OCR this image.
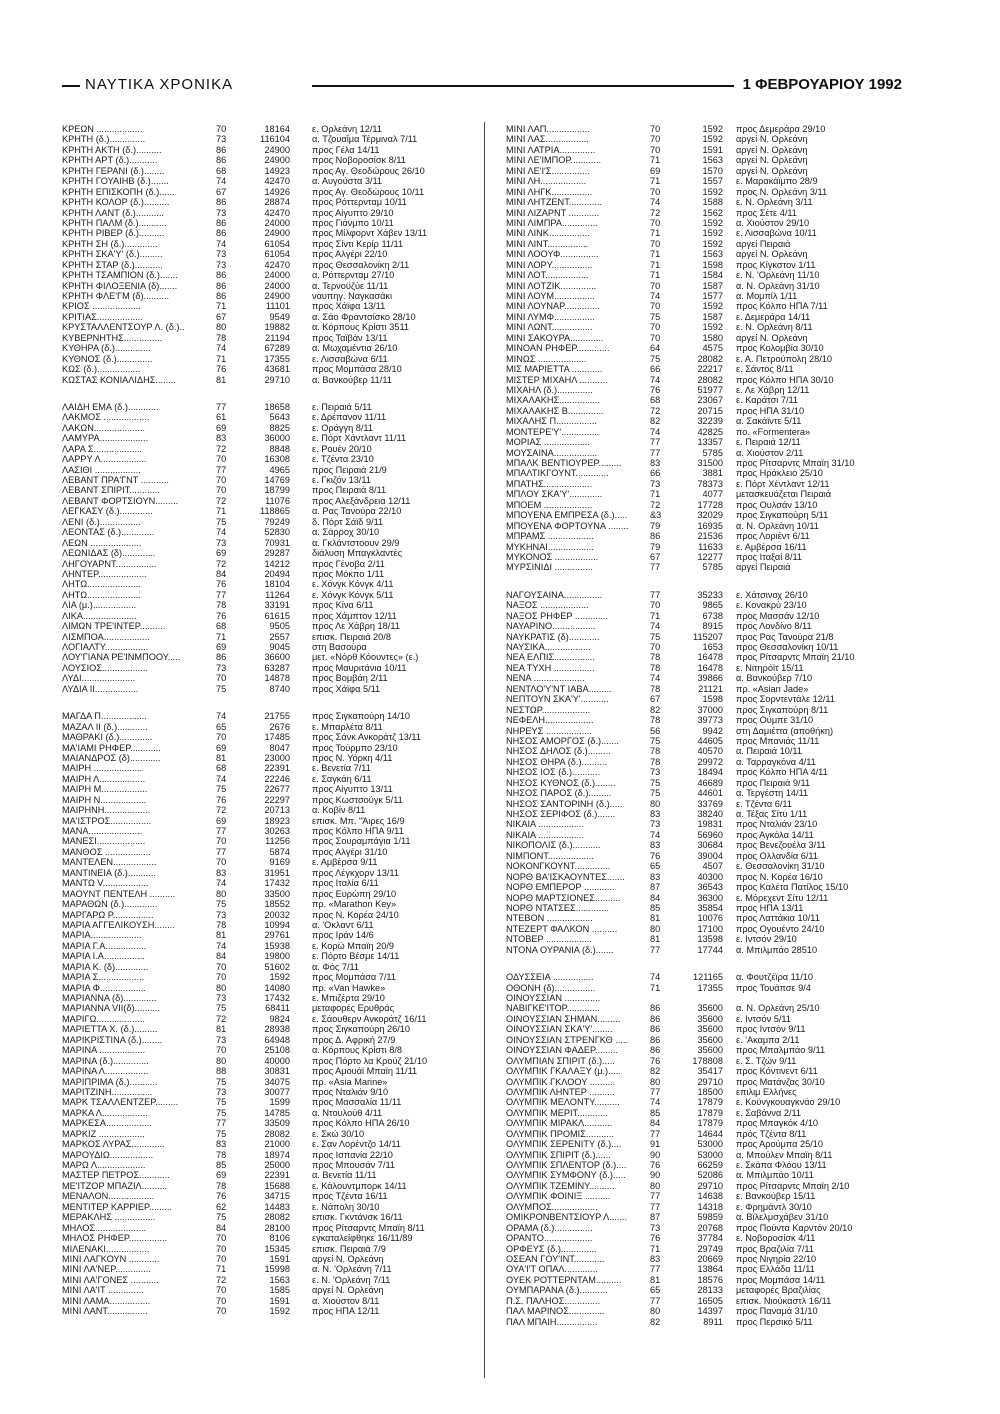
ΝΑΥΤΙΚΑ ΧΡΟΝΙΚΑ	1 ΦΕΒΡΟΥΑΡΙΟΥ 1992
ΚΡΕΩΝ ..................	70	18164 ε. Ορλεάνη 12/11
ΚΡΗΤΗ (δ.)..............	73	116104 α. Τζουαΐμα Τέρμιναλ 7/11
ΚΡΗΤΗ ΑΚΤΗ (δ.)..........	86	24900 προς Γέλα 14/11
ΚΡΗΤΗ ΑΡΤ (δ.)...........	86	24900 προς Νοβοροσίσκ 8/11
ΚΡΗΤΗ ΓΕΡΑΝΙ (δ.)........	68	14923 προς Αγ. Θεοδώρους 26/10
ΚΡΗΤΗ ΓΟΥΑΙΗΒ (δ.).......	74	42470 α. Αυγούστα 3/11
ΚΡΗΤΗ ΕΠΙΣΚΟΠΗ (δ.)......	67	14926 προς Αγ. Θεοδώρους 10/11
ΚΡΗΤΗ ΚΟΛΟΡ (δ.)..........	86	28874 προς Ρόττερνταμ 10/11
ΚΡΗΤΗ ΛΑΝΤ (δ.)...........	73	42470 προς Αίγυπτο 29/10
ΚΡΗΤΗ ΠΑΛΜ (δ.)...........	86	24000 προς Γιάνμπο 10/11
ΚΡΗΤΗ ΡΙΒΕΡ (δ.)..........	86	24900 προς Μίλφορντ Χάβεν 13/11
ΚΡΗΤΗ ΣΗ (δ.).............	74	61054 προς Σίντι Κερίρ 11/11
ΚΡΗΤΗ ΣΚΑ'Υ' (δ.).........	73	61054 προς Αλγέρι 22/10
ΚΡΗΤΗ ΣΤΑΡ (δ.)...........	73	42470 προς Θεσσαλονίκη 2/11
ΚΡΗΤΗ ΤΣΑΜΠΙΟΝ (δ.).......	86	24000 α. Ρόττερνταμ 27/10
ΚΡΗΤΗ ΦΙΛΟΞΕΝΙΑ (δ).......	86	24000 α. Τερνοϋζύε 11/11
ΚΡΗΤΗ ΦΛΕ'ΓΜ (δ)..........	86	24900 ναυπηγ. Ναγκασάκι
ΚΡΙΟΣ ...................	71	11101 προς Χάϊφα 13/11
ΚΡΙΤΙΑΣ..................	67	9549 α. Σάο Φραντσίσκο 28/10
ΚΡΥΣΤΑΛΛΕΝΤΣΟΥΡ Λ. (δ.)..	80	19882 α. Κόρπους Κρίστι 3511
ΚΥΒΕΡΝΗΤΗΣ...............	78	21194 προς Ταϊβάν 13/11
ΚΥΘΗΡΑ (δ.)..............	74	67289 α. Μωχαμέντια 26/10
ΚΥΘΝΟΣ (δ.)..............	71	17355 ε. Λισσαβώνα 6/11
ΚΩΣ (δ.).................	76	43681 προς Μομπάσα 28/10
ΚΩΣΤΑΣ ΚΟΝΙΑΛΙΔΗΣ........	81	29710 α. Βανκούβερ 11/11
ΛΑΙΔΗ ΕΜΑ (δ.)............	77	18658 ε. Πειραιά 5/11
ΛΑΚΜΟΣ ..................	61	5643 ε. Δρέπανον 11/11
ΛΑΚΩΝ....................	69	8825 ε. Οράγγη 8/11
ΛΑΜΥΡΑ...................	83	36000 ε. Πόρτ Χάντλαντ 11/11
ΛΑΡΑ Σ...................	72	8848 ε. Ρουέν 20/10
ΛΑΡΡΥ Λ..................	70	16308 ε. Τζέντα 23/10
ΛΑΣΙΘΙ ..................	77	4965 προς Πειραιά 21/9
ΛΕΒΑΝΤ ΠΡΑ'ΓΝΤ ...........	70	14769 ε. Γκιζόν 13/11
ΛΕΒΑΝΤ ΣΠΙΡΙΤ............	70	18799 προς Πειραιά 8/11
ΛΕΒΑΝΤ ΦΟΡΤΣΙΟΥΝ.........	72	11076 προς Αλεξάνδρεια 12/11
ΛΕΓΚΑΣΥ (δ.).............	71	118865 α. Ρας Τανούρα 22/10
ΛΕΝΙ (δ.)................	75	79249 δ. Πόρτ Σάϊδ 9/11
ΛΕΟΝΤΑΣ (δ.).............	74	52830 α. Σάρροχ 30/10
ΛΕΩΝ ....................	73	70931 α. Γκλάντστοουν 29/9
ΛΕΩΝΙΔΑΣ (δ).............	69	29287 διάλυση Μπαγκλαντές
ΛΗΓΟΥΑΡΝΤ................	72	14212 προς Γένοβα 2/11
ΛΗΝΤΕΡ...................	84	20494 προς Μόκπο 1/11
ΛΗΤΩ.....................	76	18104 ε. Χόνγκ Κόνγκ 4/11
ΛΗΤΩ.....................	77	11264 ε. Χόνγκ Κόνγκ 5/11
ΛΙΑ (μ.).................	78	33191 προς Κίνα 6/11
ΛΙΚΑ.....................	76	61615 προς Χάμπτον 12/11
ΛΙΜΩΝ ΤΡΕ'ΙΝΤΕΡ..........	68	9505 προς Λε Χάβρη 18/11
ΛΙΣΜΠΟΑ..................	71	2557 επισκ. Πειραιά 20/8
ΛΟΓΙΑΛΤΥ.................	69	9045 στη Βασούρα
ΛΟΥ'ΓΙΑΝΑ ΡΕ'ΙΝΜΠΟΟΥ.....	86	36600 μετ. «Νόρθ Κόουντες» (ε.)
ΛΟΥΣΙΟΣ..................	73	63287 προς Μαυριτάνια 10/11
ΛΥΔΙ.....................	70	14878 προς Βομβάη 2/11
ΛΥΔΙΑ ΙΙ.................	75	8740 προς Χάϊφα 5/11
ΜΑΓΔΑ Π..................	74	21755 προς Σιγκαπούρη 14/10
ΜΑΖΑΛ ΙΙ (δ.)............	65	2676 ε. Μπαρλέτα 8/11
ΜΑΘΡΑΚΙ (δ.).............	70	17485 προς Σάνκ Ανκοράτζ 13/11
ΜΑ'ΙΑΜΙ ΡΗΦΕΡ............	69	8047 προς Τούρμπο 23/10
ΜΑΙΑΝΔΡΟΣ (δ)............	81	23000 προς Ν. Υόρκη 4/11
ΜΑΙΡΗ ...................	68	22391 ε. Βενετία 7/11
ΜΑΙΡΗ Λ..................	74	22246 ε. Σαγκάη 6/11
ΜΑΙΡΗ Μ..................	75	22677 προς Αίγυπτο 13/11
ΜΑΙΡΗ Ν..................	76	22297 προς Κωστσούγκ 5/11
ΜΑΙΡΗΝΗ..................	72	20713 α. Κοβίν 8/11
ΜΑ'ΙΣΤΡΟΣ................	69	18923 επισκ. Μπ. "Άιρες 16/9
ΜΑΝΑ.....................	77	30263 προς Κόλπο ΗΠΑ 9/11
ΜΑΝΕΣΙ...................	70	11256 προς Σουραμπάγια 1/11
ΜΑΝΘΟΣ ..................	77	5874 προς Αλγέρι 31/10
ΜΑΝΤΕΛΕΝ.................	70	9169 ε. Αμβέρσα 9/11
ΜΑΝΤΙΝΕΙΑ (δ.)...........	83	31951 προς Λέγκχορν 13/11
ΜΑΝΤΩ V..................	74	17432 προς Ιταλία 6/11
ΜΑΟΥΝΤ ΠΕΝΤΕΛΗ ..........	80	33500 προς Ευρώπη 29/10
ΜΑΡΑΘΩΝ (δ.).............	75	18552 πρ. «Marathon Key»
ΜΑΡΓΑΡΩ Ρ................	73	20032 προς Ν. Κορέα 24/10
ΜΑΡΙΑ ΑΓΓΕΛΙΚΟΥΣΗ........	78	10994 α. 'Οκλαντ 6/11
ΜΑΡΙΑ....................	81	29761 προς Ιράν 14/6
ΜΑΡΙΑ Γ.Α................	74	15938 ε. Κορώ Μπαϊη 20/9
ΜΑΡΙΑ Ι.Α................	84	19800 ε. Πόρτο Βέσμε 14/11
ΜΑΡΙΑ Κ. (δ).............	70	51602 α. Φός 7/11
ΜΑΡΙΑ Σ..................	70	1592 προς Μομπάσα 7/11
ΜΑΡΙΑ Φ..................	80	14080 πρ. «Van Hawke»
ΜΑΡΙΑΝΝΑ (δ).............	73	17432 ε. Μπιζέρτα 29/10
ΜΑΡΙΑΝΝΑ VII(δ)..........	75	68411 μεταφορές Ερυθράς
ΜΑΡΙΓΩ...................	72	9824 ε. Σάουθερν Ανκοράτζ 16/11
ΜΑΡΙΕΤΤΑ Χ. (δ.).........	81	28938 προς Σιγκαπούρη 26/10
ΜΑΡΙΚΡΙΣΤΙΝΑ (δ.)........	73	64948 προς Δ. Αφρική 27/9
ΜΑΡΙΝΑ ..................	70	25108 α. Κόρπους Κρίστι 8/8
ΜΑΡΙΝΑ (δ.)..............	80	40000 προς Πόρτο λα Κρούζ 21/10
ΜΑΡΙΝΑ Λ.................	88	30831 προς Αμουάϊ Μπαϊη 11/11
ΜΑΡΙΠΡΙΜΑ (δ.)...........	75	34075 πρ. «Asia Marine»
ΜΑΡΙΤΖΙΝΗ................	73	30077 προς Νταλιάν 9/10
ΜΑΡΚ ΤΣΑΛΛΕΝΤΖΕΡ.........	75	1599 προς Μασσαλία 11/11
ΜΑΡΚΑ Λ..................	75	14785 α. Ντουλούθ 4/11
ΜΑΡΚΕΣΑ..................	77	33509 προς Κόλπο ΗΠΑ 26/10
ΜΑΡΚΙΖ ..................	75	28082 ε. Σκώ 30/10
ΜΑΡΚΟΣ ΛΥΡΑΣ.............	83	21000 ε. Σαν Λορέντζο 14/11
ΜΑΡΟΥΔΙΩ.................	78	18974 προς Ισπανία 22/10
ΜΑΡΩ Λ...................	85	25000 προς Μπουσάν 7/11
ΜΑΣΤΕΡ ΠΕΤΡΟΣ............	69	22391 α. Βενετία 11/11
ΜΕ'ΙΤΖΟΡ ΜΠΑΖΙΛ..........	78	15688 ε. Κάλουντμπορκ 14/11
ΜΕΝΑΛΟΝ..................	76	34715 προς Τζέντα 16/11
ΜΕΝΤΙΤΕΡ ΚΑΡΡΙΕΡ.........	62	14483 ε. Νάπολη 30/10
ΜΕΡΑΚΛΗΣ ................	75	28082 επισκ. Γκντάνσκ 16/11
ΜΗΛΟΣ....................	84	28100 προς Ρίτσαρντς Μπαϊη 8/11
ΜΗΛΟΣ ΡΗΦΕΡ...............	70	8106 εγκαταλείφθηκε 16/11/89
ΜΙΛΕΝΑΚΙ.................	70	15345 επισκ. Πειραιά 7/9
ΜΙΝΙ ΛΑΓΚΟΥΝ ............	70	1591 αργεί Ν. Ορλεάνη
ΜΙΝΙ ΛΑ'ΝΕΡ..............	71	15998 α. Ν. 'Ορλεάνη 7/11
ΜΙΝΙ ΛΑ'ΓΟΝΕΣ ...........	72	1563 ε. Ν. 'Ορλεάνη 7/11
ΜΙΝΙ ΛΑ'ΙΤ ..............	70	1585 αργεί Ν. Ορλεάνη
ΜΙΝΙ ΛΑΜΑ................	70	1591 α. Χιούστον 8/11
ΜΙΝΙ ΛΑΝΤ................	70	1592 προς ΗΠΑ 12/11
ΜΙΝΙ ΛΑΠ.................	70	1592 προς Δεμεράρα 29/10
ΜΙΝΙ ΛΑΣ.................	70	1592 αργεί Ν. Ορλεάνη
ΜΙΝΙ ΛΑΤΡΙΑ..............	70	1591 αργεί Ν. Ορλεάνη
ΜΙΝΙ ΛΕ'ΙΜΠΟΡ............	71	1563 αργεί Ν. Ορλεάνη
ΜΙΝΙ ΛΕ'Ι'Σ...............	69	1570 αργεί Ν. Ορλεάνη
ΜΙΝΙ ΛΗ..................	71	1557 ε. Μαρακάϊμπο 28/9
ΜΙΝΙ ΛΗΓΚ................	70	1592 προς Ν. Ορλεάνη 3/11
ΜΙΝΙ ΛΗΤΖΕΝΤ.............	74	1588 ε. Ν. Ορλεάνη 3/11
ΜΙΝΙ ΛΙΖΑΡΝΤ ............	72	1562 προς Σέτε 4/11
ΜΙΝΙ ΛΙΜΠΡΑ..............	70	1592 α. Χιούστον 29/10
ΜΙΝΙ ΛΙΝΚ................	71	1592 ε. Λισσαβώνα 10/11
ΜΙΝΙ ΛΙΝΤ................	70	1592 αργεί Πειραιά
ΜΙΝΙ ΛΟΟΥΦ...............	71	1563 αργεί Ν. Ορλεάνη
ΜΙΝΙ ΛΟΡΥ................	71	1598 προς Κίγκστον 1/11
ΜΙΝΙ ΛΟΤ.................	71	1584 ε. Ν. 'Ορλεάνη 11/10
ΜΙΝΙ ΛΟΤΖΙΚ..............	70	1587 α. Ν. Ορλεάνη 31/10
ΜΙΝΙ ΛΟΥΜ................	74	1577 α. Μομπίλ 1/11
ΜΙΝΙ ΛΟΥΝΑΡ..............	70	1592 προς Κόλπο ΗΠΑ 7/11
ΜΙΝΙ ΛΥΜΦ................	75	1587 ε. Δεμεράρα 14/11
ΜΙΝΙ ΛΩΝΤ................	70	1592 ε. Ν. Ορλεάνη 8/11
ΜΙΝΙ ΣΑΚΟΥΡΑ.............	70	1580 αργεί Ν. Ορλεάνη
ΜΙΝΟΑΝ ΡΗΦΕΡ.............	64	4575 προς Κολομβία 30/10
ΜΙΝΩΣ ...................	75	28082 ε. Α. Πετρούπολη 28/10
ΜΙΣ ΜΑΡΙΕΤΤΑ ............	66	22217 ε. Σάντος 8/11
ΜΙΣΤΕΡ ΜΙΧΑΗΛ ...........	74	28082 προς Κόλπο ΗΠΑ 30/10
ΜΙΧΑΗΛ (δ.)..............	76	51977 ε. Λε Χάβρη 12/11
ΜΙΧΑΛΑΚΗΣ................	68	23067 ε. Καράτσι 7/11
ΜΙΧΑΛΑΚΗΣ Β..............	72	20715 προς ΗΠΑ 31/10
ΜΙΧΑΛΗΣ Π................	82	32239 α. Σακάϊντε 5/11
ΜΟΝΤΕΡΕ'Υ'...............	74	42825 πο. «Formentera»
ΜΟΡΙΑΣ ..................	77	13357 ε. Πειραιά 12/11
ΜΟΥΣΑΙΝΑ.................	77	5785 α. Χιούστον 2/11
ΜΠΑΛΚ ΒΕΝΤΙΟΥΡΕΡ.........	83	31500 προς Ρίτσαρντς Μπαϊη 31/10
ΜΠΑΛΤΙΚΓΟΥΝΤ.............	66	3881 προς Ηράκλειο 25/10
ΜΠΑΤΗΣ...................	73	78373 ε. Πόρτ Χέντλαντ 12/11
ΜΠΛΟΥ ΣΚΑ'Υ'.............	71	4077 μετασκευάζεται Πειραιά
ΜΠΟΕΜ ...................	72	17728 προς Ουλσάν 13/10
ΜΠΟΥΕΝΑ ΕΜΠΡΕΣΑ (δ.)..... &3	32029 προς Σιγκαπούρη 5/11
ΜΠΟΥΕΝΑ ΦΟΡΤΟΥΝΑ ........ 79	16935 α. Ν. Ορλεάνη 10/11
ΜΠΡΑΜΣ ..................	86	21536 προς Λοριέντ 6/11
ΜΥΚΗΝΑΙ..................	79	11633 ε. Αμβέρσα 16/11
ΜΥΚΟΝΟΣ .................	67	12277 προς Ιταξαί 8/11
ΜΥΡΣΙΝΙΔΙ ...............	77	5785 αργεί Πειραιά
ΝΑΓΟΥΣΑΙΝΑ...............	77	35233 ε. Χάτσινοχ 26/10
ΝΑΞΟΣ ...................	70	9865 ε. Κονακρύ 23/10
ΝΑΞΟΣ ΡΗΦΕΡ .............	71	6738 προς Μασσάν 12/10
ΝΑΥΑΡΙΝΟ.................	74	8915 προς Λονδίνο 8/11
ΝΑΥΚΡΑΤΙΣ (δ)............	75	115207 προς Ρας Τανούρα 21/8
ΝΑΥΣΙΚΑ..................	70	1653 προς Θεσσαλονίκη 10/11
ΝΕΑ ΕΛΠΙΣ................	78	16478 προς Ρίτσαρντς Μπαϊη 21/10
ΝΕΑ ΤΥΧΗ ................	78	16478 ε. Νιτηρόϊτ 15/11
ΝΕΝΑ ....................	74	39866 α. Βανκούβερ 7/10
ΝΕΝΤΛΟ'Υ'ΝΤ ΙΑΒΑ.........	78	21121 πρ. «Asian Jade»
ΝΕΠΤΟΥΝ ΣΚΑ'Υ'...........	67	1598 προς Σορντεντάλε 12/11
ΝΕΣΤΩΡ...................	82	37000 προς Σιγκαπούρη 8/11
ΝΕΦΕΛΗ...................	78	39773 προς Ούμπε 31/10
ΝΗΡΕΥΣ ..................	56	9942 στη Δαμιέττα (αποθήκη)
ΝΗΣΟΣ ΑΜΟΡΓΟΣ (δ.).......	75	44605 προς Μπανιάς 11/11
ΝΗΣΟΣ ΔΗΛΟΣ (δ.).........	78	40570 α. Πειραιά 10/11
ΝΗΣΟΣ ΘΗΡΑ (δ.)..........	78	29972 α. Ταρραγκόνα 4/11
ΝΗΣΟΣ ΙΟΣ (δ.)...........	73	18494 προς Κόλπο ΗΠΑ 4/11
ΝΗΣΟΣ ΚΥΘΝΟΣ (δ.)........	75	46689 προς Πειραιά 9/11
ΝΗΣΟΣ ΠΑΡΟΣ (δ.).........	75	44601 α. Τεργέστη 14/11
ΝΗΣΟΣ ΣΑΝΤΟΡΙΝΗ (δ.).....	80	33769 ε. Τζέντα 6/11
ΝΗΣΟΣ ΣΕΡΙΦΟΣ (δ.).......	83	38240 α. Τέξας Σίτυ 1/11
ΝΙΚΑΙΑ ..................	73	19831 προς Νταλιάν 23/10
ΝΙΚΑΙΑ ..................	74	56960 προς Αγκόλα 14/11
ΝΙΚΟΠΟΛΙΣ (δ.)...........	83	30684 προς Βενεζουέλα 3/11
ΝΙΜΠΟΝΤ..................	76	39004 προς Ολλανδία 6/11
ΝΟΚΟΝΓΚΟΥΝΤ..............	65	4507 ε. Θεσσαλονίκη 31/10
ΝΟΡΘ ΒΑ'ΙΣΚΑΟΥΝΤΕΣ.......	83	40300 προς Ν. Κορέα 16/10
ΝΟΡΘ ΕΜΠΕΡΟΡ ............	87	36543 προς Καλέτα Πατίλος 15/10
ΝΟΡΘ ΜΑΡΤΣΙΟΝΕΣ..........	84	36300 ε. Μόρεχεντ Σίτυ 12/11
ΝΟΡΘ ΝΤΑΤΣΕΣ.............	85	35854 προς ΗΠΑ 13/11
ΝΤΕΒΟΝ ..................	81	10076 προς Λαττάκια 10/11
ΝΤΕΖΕΡΤ ΦΑΛΚΟΝ ..........	80	17100 προς Ογουέντο 24/10
ΝΤΟΒΕΡ ..................	81	13598 ε. Ιντσόν 29/10
ΝΤΟΝΑ ΟΥΡΑΝΙΑ (δ.).......	77	17744 α. Μπιλμπάο 28510
ΟΔΥΣΣΕΙΑ ................	74	121165 α. Φουτζέϊρα 11/10
ΟΘΟΝΗ (δ)................	71	17355 προς Τουάπσε 9/4
ΟΙΝΟΥΣΣΙΑΝ ..............
ΝΑΒΙΓΚΕ'ΙΤΟΡ.............	86	35600 α. Ν. Ορλεάνη 25/10
ΟΙΝΟΥΣΣΙΑΝ ΣΗΜΑΝ.........	86	35600 ε. Ιντσόν 5/11
ΟΙΝΟΥΣΣΙΑΝ ΣΚΑ'Υ'........	86	35600 προς Ιντσόν 9/11
ΟΙΝΟΥΣΣΙΑΝ ΣΤΡΕΝΓΚΘ ..... 86	35600 ε. 'Ακαμπα 2/11
ΟΙΝΟΥΣΣΙΑΝ ΦΑΔΕΡ.........	86	35600 προς Μπαλμπάο 9/11
ΟΛΥΜΠΙΑΝ ΣΠΙΡΙΤ (δ.).....	76	178808 ε. Σ. Τζών 9/11
ΟΛΥΜΠΙΚ ΓΚΑΛΑΞΥ (μ.).....	82	35417 προς Κόντινεντ 6/11
ΟΛΥΜΠΙΚ ΓΚΛΟΟΥ ..........	80	29710 προς Ματάνζας 30/10
ΟΛΥΜΠΙΚ ΛΗΝΤΕΡ ..........	77	18500 επιλιμ Ελλήνες
ΟΛΥΜΠΙΚ ΜΕΛΟΝΤΥ..........	74	17879 ε. Κοϋνγκουαγκνάο 29/10
ΟΛΥΜΠΙΚ ΜΕΡΙΤ............	85	17879 ε. Σαβάννα 2/11
ΟΛΥΜΠΙΚ ΜΙΡΑΚΛ...........	84	17879 προς Μπαγκόκ 4/10
ΟΛΥΜΠΙΚ ΠΡΟΜΙΣ...........	77	14644 πρός Τζέντα 8/11
ΟΛΥΜΠΙΚ ΣΕΡΕΝΙΤΥ (δ.)....	91	53000 προς Αρούμπα 25/10
ΟΛΥΜΠΙΚ ΣΠΙΡΙΤ (δ.)......	90	53000 α. Μπούλεν Μπαϊη 8/11
ΟΛΥΜΠΙΚ ΣΠΛΕΝΤΟΡ (δ.)....	76	66259 ε. Σκάπα Φλόου 13/11
ΟΛΥΜΠΙΚ ΣΥΜΦΟΝΥ (δ.).....	90	52086 α. Μπιλμπάο 10/11
ΟΛΥΜΠΙΚ ΤΖΕΜΙΝΥ..........	80	29710 προς Ρίτσαρντς Μπαϊη 2/10
ΟΛΥΜΠΙΚ ΦΟΙΝΙΞ ..........	77	14638 ε. Βανκούβερ 15/11
ΟΛΥΜΠΟΣ..................	77	14318 ε. Φρημάντλ 30/10
ΟΜΙΚΡΟΝΒΕΝΤΣΙΟΥΡ Λ....... 87	59859 α. Βϊλελμσχάβεν 31/10
ΟΡΑΜΑ (δ.)...............	73	20768 προς Πούντα Καρντόν 20/10
ΟΡΑΝΤΟ...................	76	37784 ε. Νοβοροσίσκ 4/11
ΟΡΦΕΥΣ (δ.)..............	71	29749 προς Βραζιλία 7/11
ΟΣΕΑΝ ΓΟΥ'ΙΝΤ............	83	20669 προς Νιγηρία 22/10
ΟΥΑ'Ι'Τ ΟΠΑΛ.............	77	13864 προς Ελλάδα 11/11
ΟΥΕΚ ΡΟΤΤΕΡΝΤΑΜ..........	81	18576 προς Μομπάσα 14/11
ΟΥΜΠΑΡΑΝΑ (δ.)...........	65	28133 μεταφορές Βραζιλίας
Π.Σ. ΠΑΛΗΟΣ..............	77	16505 επισκ. Νιούκαστλ 16/11
ΠΑΛ ΜΑΡΙΝΟΣ..............	80	14397 προς Παναμά 31/10
ΠΑΛ ΜΠΑΙΗ................	82	8911 προς Περσικό 5/11
